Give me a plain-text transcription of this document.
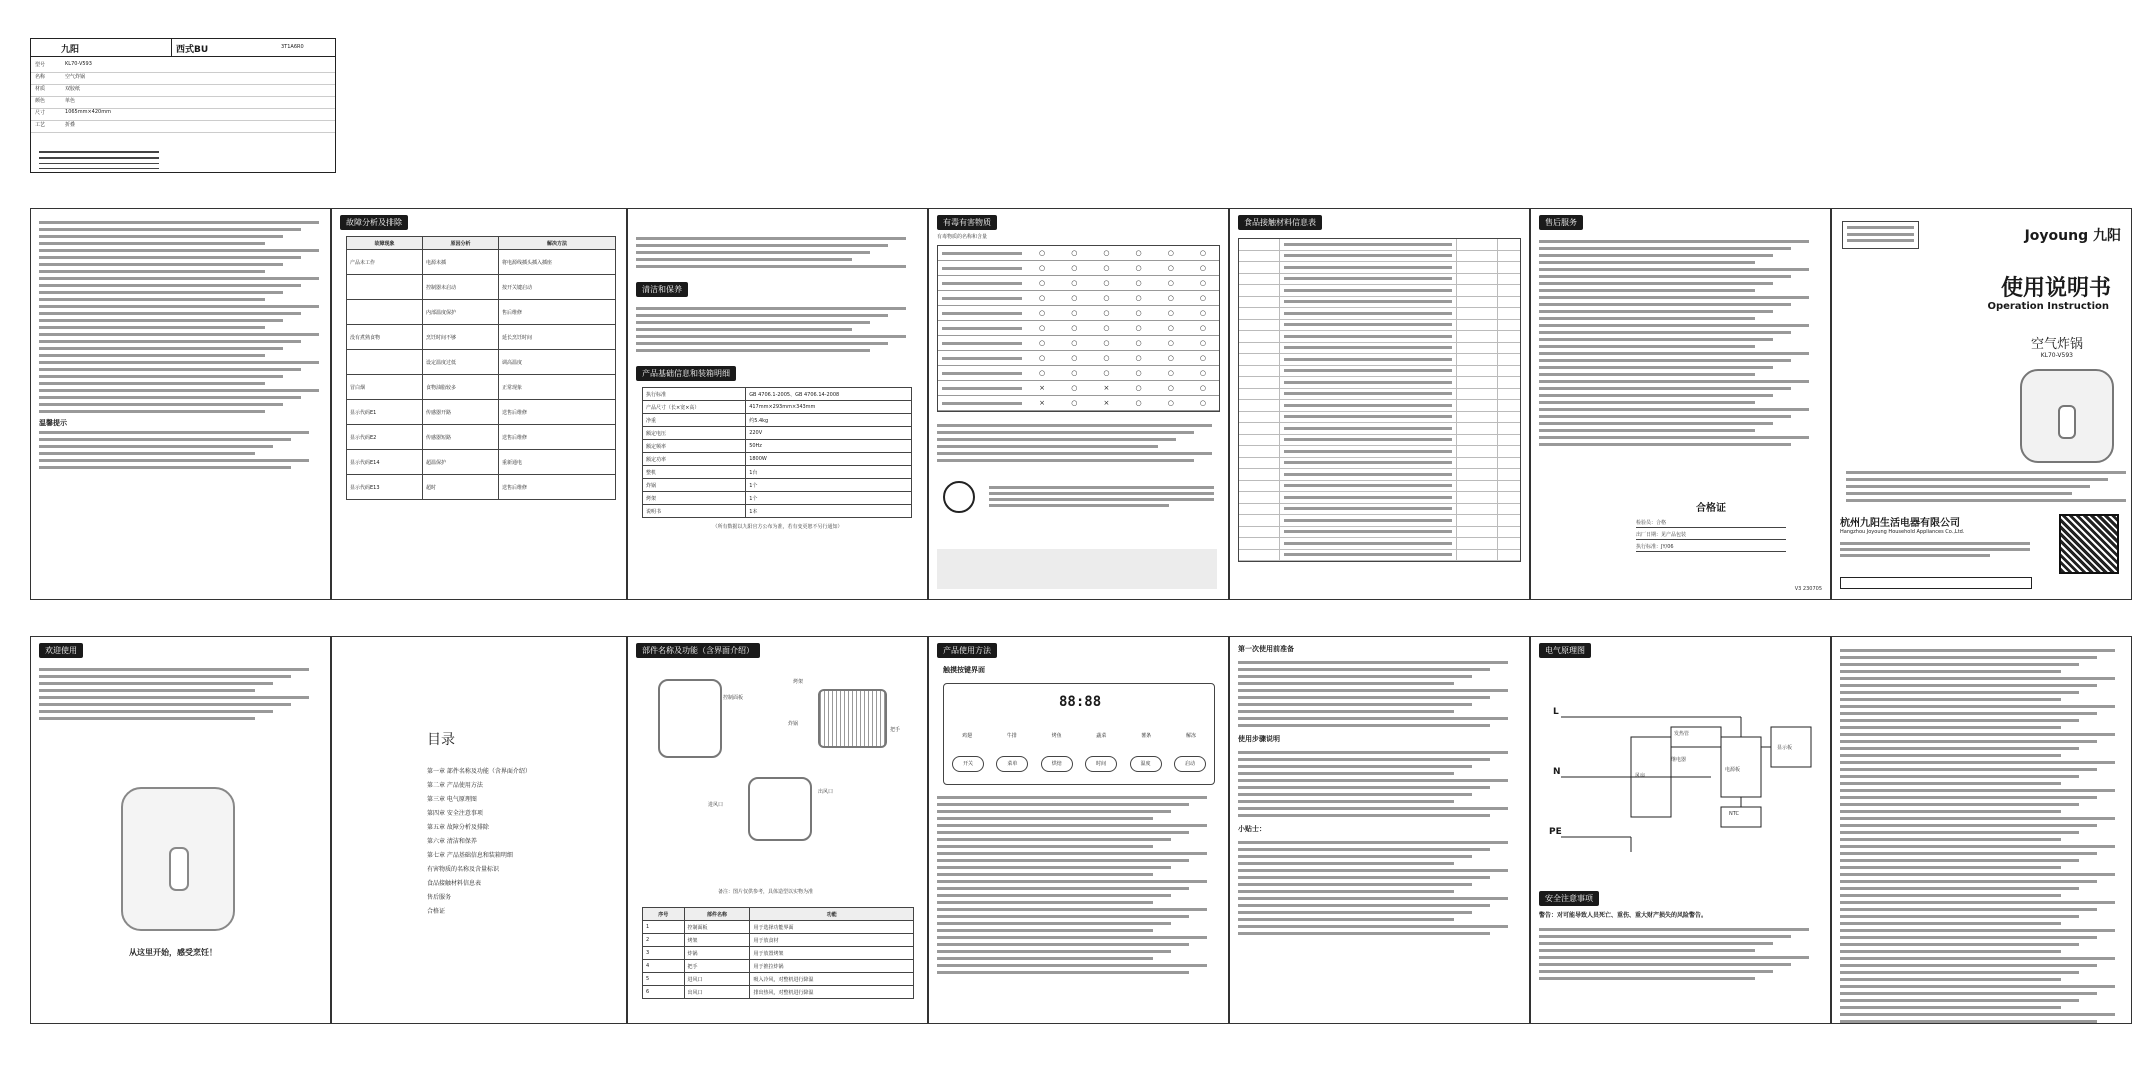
九阳	西式BU	3T1A6R0
型号	KL70-V593
名称	空气炸锅
材质	双胶纸
颜色	单色
尺寸	1065mm×420mm
工艺	折叠
温馨提示
故障分析及排除
故障现象	原因分析	解决方法
产品未工作	电源未插	将电源线插头插入插座
	控制器未启动	按开关键启动
	内部温度保护	售后维修
没有煮熟食物	烹饪时间不够	延长烹饪时间
	设定温度过低	调高温度
冒白烟	食物油脂较多	正常现象
显示代码E1	传感器开路	送售后维修
显示代码E2	传感器短路	送售后维修
显示代码E14	超温保护	重新通电
显示代码E13	超时	送售后维修
清洁和保养
产品基础信息和装箱明细
执行标准	GB 4706.1-2005、GB 4706.14-2008
产品尺寸（长×宽×高）	417mm×293mm×343mm
净重	约5.4kg
额定电压	220V
额定频率	50Hz
额定功率	1800W
整机	1台
炸锅	1个
烤架	1个
说明书	1本
（所有数据以九阳官方公布为准，若有变更恕不另行通知）
有毒有害物质
有毒物质的名称和含量
○	○	○	○	○	○
○	○	○	○	○	○
○	○	○	○	○	○
○	○	○	○	○	○
○	○	○	○	○	○
○	○	○	○	○	○
○	○	○	○	○	○
○	○	○	○	○	○
○	○	○	○	○	○
×	○	×	○	○	○
×	○	×	○	○	○
食品接触材料信息表	售后服务
合格证
检验员：合格
出厂日期：见产品包装
执行标准：JY/06
V3 230705
Joyoung 九阳
使用说明书
Operation Instruction
空气炸锅
KL70-V593
杭州九阳生活电器有限公司
Hangzhou Joyoung Household Appliances Co.,Ltd.
欢迎使用
从这里开始，感受烹饪！
目录
第一章 部件名称及功能（含界面介绍）
第二章 产品使用方法
第三章 电气原理图
第四章 安全注意事项
第五章 故障分析及排除
第六章 清洁和保养
第七章 产品基础信息和装箱明细
有害物质的名称及含量标识
食品接触材料信息表
售后服务
合格证
部件名称及功能（含界面介绍）
烤架
控制面板
炸锅
把手
进风口
出风口
备注：图片仅供参考，具体造型以实物为准
序号	部件名称	功能
1	控制面板	用于选择功能界面
2	烤架	用于放食材
3	炸锅	用于放置烤架
4	把手	用于推拉炸锅
5	进风口	吸入冷风，对整机进行降温
6	出风口	排出热风，对整机进行降温
产品使用方法
触摸按键界面
88:88
鸡翅	牛排	烤鱼	蔬菜	薯条	解冻
开关	菜单	烘焙	时间	温度	启动
第一次使用前准备
使用步骤说明
小贴士：
电气原理图
L
N
PE
显示板
电源板
NTC
发热管
风扇
继电器
安全注意事项
警告：对可能导致人员死亡、重伤、重大财产损失的风险警告。
